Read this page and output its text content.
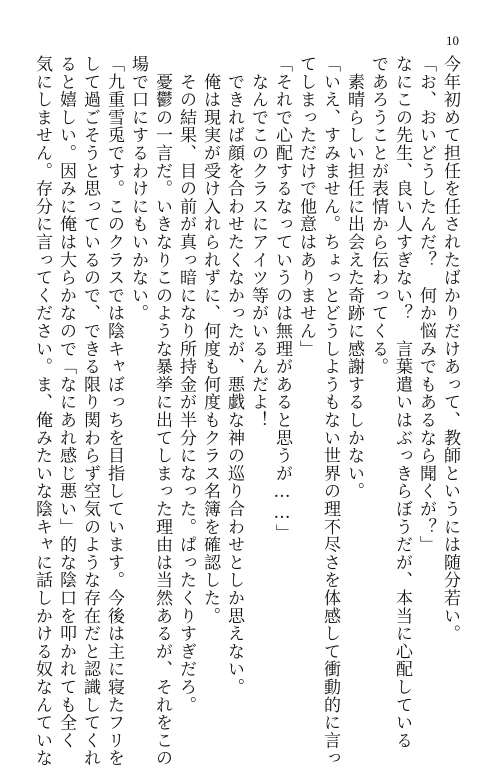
10
今年初めて担任を任されたばかりだけあって、教師というには随分若い。
「お、おいどうしたんだ？　何か悩みでもあるなら聞くが？」
なにこの先生、良い人すぎない？　言葉遣いはぶっきらぼうだが、本当に心配している
であろうことが表情から伝わってくる。
　素晴らしい担任に出会えた奇跡に感謝するしかない。
「いえ、すみません。ちょっとどうしようもない世界の理不尽さを体感して衝動的に言っ
てしまっただけで他意はありません」
「それで心配するなっていうのは無理があると思うが……」
　なんでこのクラスにアイツ等がいるんだよ！
　できれば顔を合わせたくなかったが、悪戯な神の巡り合わせとしか思えない。
　俺は現実が受け入れられずに、何度も何度もクラス名簿を確認した。
　その結果、目の前が真っ暗になり所持金が半分になった。ぱったくりすぎだろ。
　憂鬱の一言だ。いきなりこのような暴挙に出てしまった理由は当然あるが、それをこの
場で口にするわけにもいかない。
「九重雪兎です。このクラスでは陰キャぼっちを目指しています。今後は主に寝たフリを
して過ごそうと思っているので、できる限り関わらず空気のような存在だと認識してくれ
ると嬉しい。因みに俺は大らかなので「なにあれ感じ悪い」的な陰口を叩かれても全く
気にしません。存分に言ってください。ま、俺みたいな陰キャに話しかける奴なんていな
